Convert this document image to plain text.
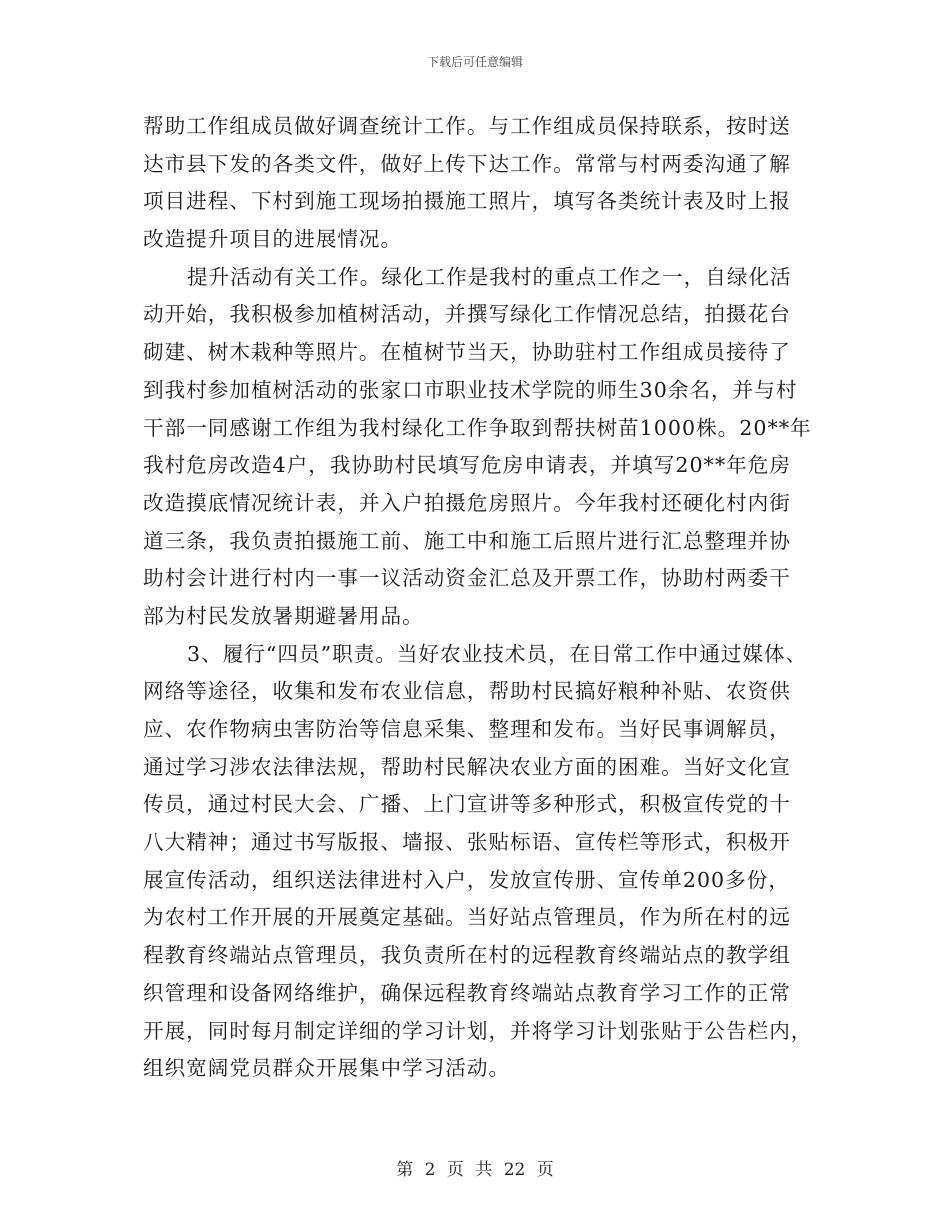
下载后可任意编辑
帮助工作组成员做好调查统计工作。与工作组成员保持联系，按时送
达市县下发的各类文件，做好上传下达工作。常常与村两委沟通了解
项目进程、下村到施工现场拍摄施工照片，填写各类统计表及时上报
改造提升项目的进展情况。
提升活动有关工作。绿化工作是我村的重点工作之一，自绿化活
动开始，我积极参加植树活动，并撰写绿化工作情况总结，拍摄花台
砌建、树木栽种等照片。在植树节当天，协助驻村工作组成员接待了
到我村参加植树活动的张家口市职业技术学院的师生30余名，并与村
干部一同感谢工作组为我村绿化工作争取到帮扶树苗1000株。20**年
我村危房改造4户，我协助村民填写危房申请表，并填写20**年危房
改造摸底情况统计表，并入户拍摄危房照片。今年我村还硬化村内街
道三条，我负责拍摄施工前、施工中和施工后照片进行汇总整理并协
助村会计进行村内一事一议活动资金汇总及开票工作，协助村两委干
部为村民发放暑期避暑用品。
3、履行“四员”职责。当好农业技术员，在日常工作中通过媒体、
网络等途径，收集和发布农业信息，帮助村民搞好粮种补贴、农资供
应、农作物病虫害防治等信息采集、整理和发布。当好民事调解员，
通过学习涉农法律法规，帮助村民解决农业方面的困难。当好文化宣
传员，通过村民大会、广播、上门宣讲等多种形式，积极宣传党的十
八大精神；通过书写版报、墙报、张贴标语、宣传栏等形式，积极开
展宣传活动，组织送法律进村入户，发放宣传册、宣传单200多份，
为农村工作开展的开展奠定基础。当好站点管理员，作为所在村的远
程教育终端站点管理员，我负责所在村的远程教育终端站点的教学组
织管理和设备网络维护，确保远程教育终端站点教育学习工作的正常
开展，同时每月制定详细的学习计划，并将学习计划张贴于公告栏内，
组织宽阔党员群众开展集中学习活动。
第 2 页 共 22 页
